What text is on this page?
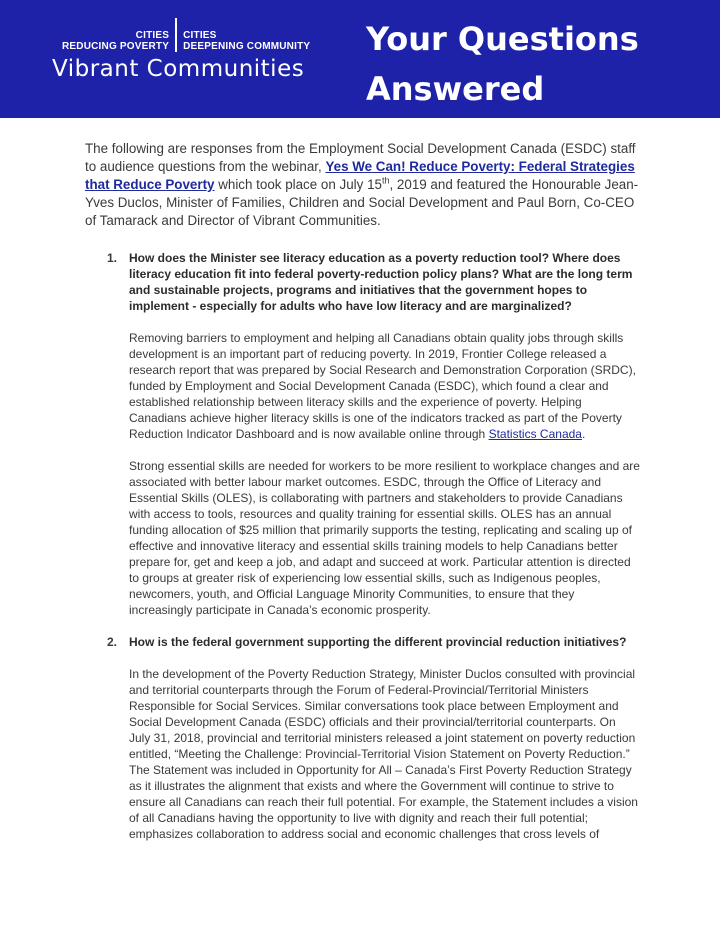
CITIES
REDUCING POVERTY
CITIES
DEEPENING COMMUNITY
Vibrant Communities
Your Questions
Answered

The following are responses from the Employment Social Development Canada (ESDC) staff to audience questions from the webinar, Yes We Can! Reduce Poverty: Federal Strategies that Reduce Poverty which took place on July 15th, 2019 and featured the Honourable Jean-Yves Duclos, Minister of Families, Children and Social Development and Paul Born, Co-CEO of Tamarack and Director of Vibrant Communities.

1. How does the Minister see literacy education as a poverty reduction tool? Where does literacy education fit into federal poverty-reduction policy plans? What are the long term and sustainable projects, programs and initiatives that the government hopes to implement - especially for adults who have low literacy and are marginalized?

Removing barriers to employment and helping all Canadians obtain quality jobs through skills development is an important part of reducing poverty. In 2019, Frontier College released a research report that was prepared by Social Research and Demonstration Corporation (SRDC), funded by Employment and Social Development Canada (ESDC), which found a clear and established relationship between literacy skills and the experience of poverty. Helping Canadians achieve higher literacy skills is one of the indicators tracked as part of the Poverty Reduction Indicator Dashboard and is now available online through Statistics Canada.

Strong essential skills are needed for workers to be more resilient to workplace changes and are associated with better labour market outcomes. ESDC, through the Office of Literacy and Essential Skills (OLES), is collaborating with partners and stakeholders to provide Canadians with access to tools, resources and quality training for essential skills. OLES has an annual funding allocation of $25 million that primarily supports the testing, replicating and scaling up of effective and innovative literacy and essential skills training models to help Canadians better prepare for, get and keep a job, and adapt and succeed at work. Particular attention is directed to groups at greater risk of experiencing low essential skills, such as Indigenous peoples, newcomers, youth, and Official Language Minority Communities, to ensure that they increasingly participate in Canada’s economic prosperity.

2. How is the federal government supporting the different provincial reduction initiatives?

In the development of the Poverty Reduction Strategy, Minister Duclos consulted with provincial and territorial counterparts through the Forum of Federal-Provincial/Territorial Ministers Responsible for Social Services. Similar conversations took place between Employment and Social Development Canada (ESDC) officials and their provincial/territorial counterparts. On July 31, 2018, provincial and territorial ministers released a joint statement on poverty reduction entitled, “Meeting the Challenge: Provincial-Territorial Vision Statement on Poverty Reduction.” The Statement was included in Opportunity for All – Canada’s First Poverty Reduction Strategy as it illustrates the alignment that exists and where the Government will continue to strive to ensure all Canadians can reach their full potential. For example, the Statement includes a vision of all Canadians having the opportunity to live with dignity and reach their full potential; emphasizes collaboration to address social and economic challenges that cross levels of
